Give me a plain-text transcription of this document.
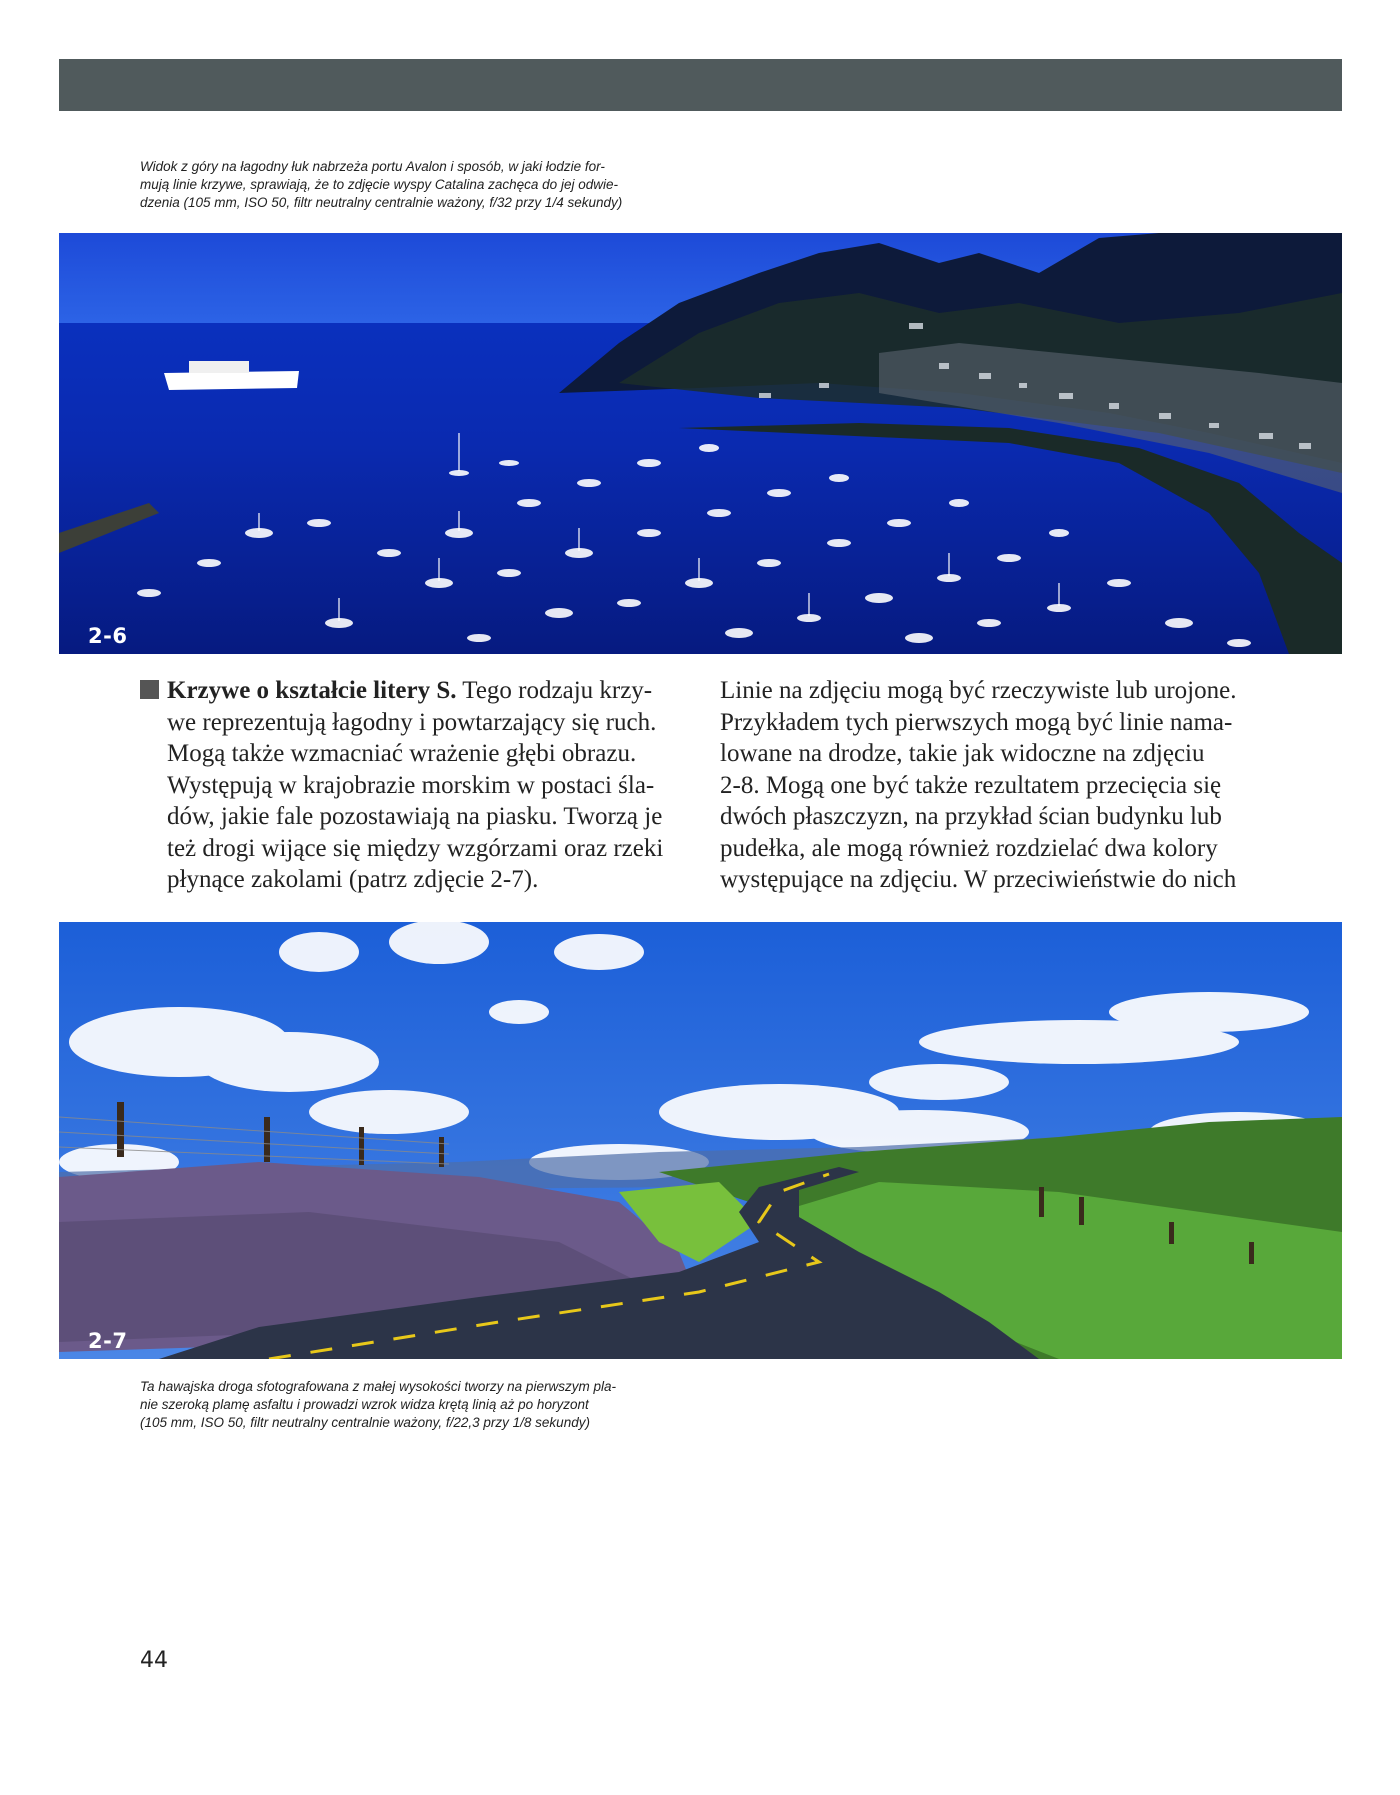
Widok z góry na łagodny łuk nabrzeża portu Avalon i sposób, w jaki łodzie for-
mują linie krzywe, sprawiają, że to zdjęcie wyspy Catalina zachęca do jej odwie-
dzenia (105 mm, ISO 50, filtr neutralny centralnie ważony, f/32 przy 1/4 sekundy)
2-6
Krzywe o kształcie litery S. Tego rodzaju krzy-
we reprezentują łagodny i powtarzający się ruch.
Mogą także wzmacniać wrażenie głębi obrazu.
Występują w krajobrazie morskim w postaci śla-
dów, jakie fale pozostawiają na piasku. Tworzą je
też drogi wijące się między wzgórzami oraz rzeki
płynące zakolami (patrz zdjęcie 2-7).
Linie na zdjęciu mogą być rzeczywiste lub urojone.
Przykładem tych pierwszych mogą być linie nama-
lowane na drodze, takie jak widoczne na zdjęciu
2-8. Mogą one być także rezultatem przecięcia się
dwóch płaszczyzn, na przykład ścian budynku lub
pudełka, ale mogą również rozdzielać dwa kolory
występujące na zdjęciu. W przeciwieństwie do nich
2-7
Ta hawajska droga sfotografowana z małej wysokości tworzy na pierwszym pla-
nie szeroką plamę asfaltu i prowadzi wzrok widza krętą linią aż po horyzont
(105 mm, ISO 50, filtr neutralny centralnie ważony, f/22,3 przy 1/8 sekundy)
44
